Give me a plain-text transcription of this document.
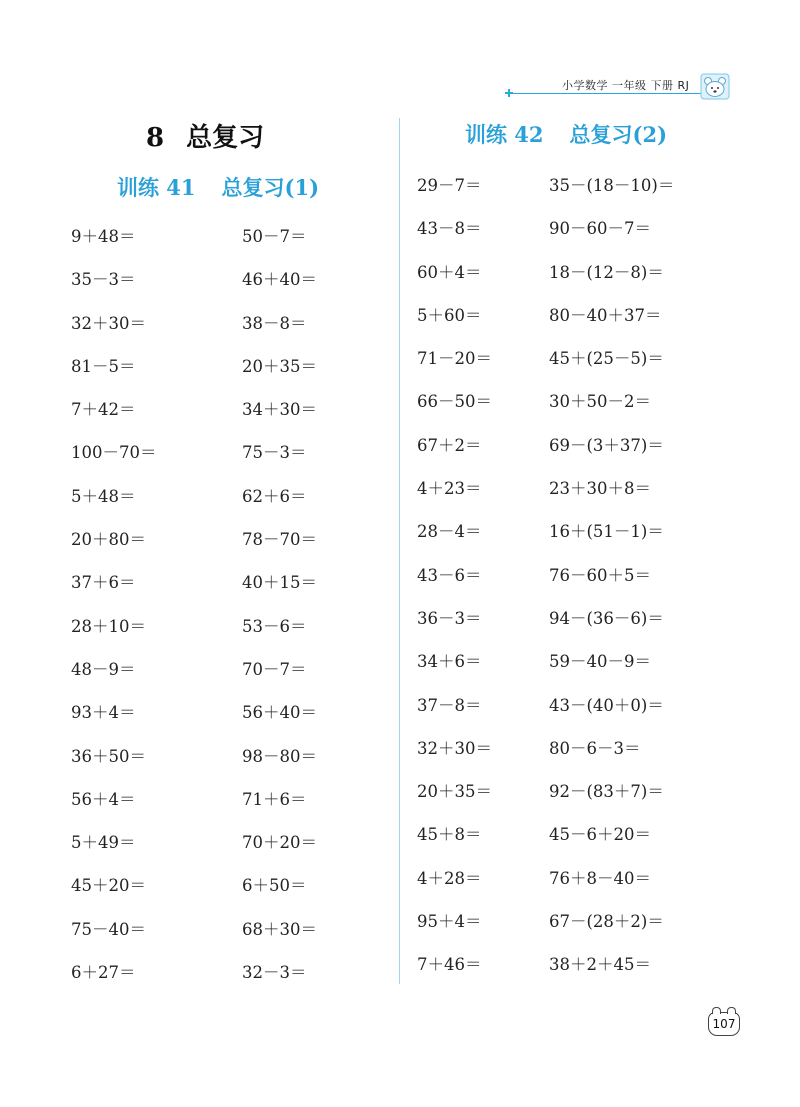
小学数学 一年级 下册 RJ
8 总复习
训练 41 总复习(1)
训练 42 总复习(2)
9＋48＝
35－3＝
32＋30＝
81－5＝
7＋42＝
100－70＝
5＋48＝
20＋80＝
37＋6＝
28＋10＝
48－9＝
93＋4＝
36＋50＝
56＋4＝
5＋49＝
45＋20＝
75－40＝
6＋27＝
50－7＝
46＋40＝
38－8＝
20＋35＝
34＋30＝
75－3＝
62＋6＝
78－70＝
40＋15＝
53－6＝
70－7＝
56＋40＝
98－80＝
71＋6＝
70＋20＝
6＋50＝
68＋30＝
32－3＝
29－7＝
43－8＝
60＋4＝
5＋60＝
71－20＝
66－50＝
67＋2＝
4＋23＝
28－4＝
43－6＝
36－3＝
34＋6＝
37－8＝
32＋30＝
20＋35＝
45＋8＝
4＋28＝
95＋4＝
7＋46＝
35－(18－10)＝
90－60－7＝
18－(12－8)＝
80－40＋37＝
45＋(25－5)＝
30＋50－2＝
69－(3＋37)＝
23＋30＋8＝
16＋(51－1)＝
76－60＋5＝
94－(36－6)＝
59－40－9＝
43－(40＋0)＝
80－6－3＝
92－(83＋7)＝
45－6＋20＝
76＋8－40＝
67－(28＋2)＝
38＋2＋45＝
107
